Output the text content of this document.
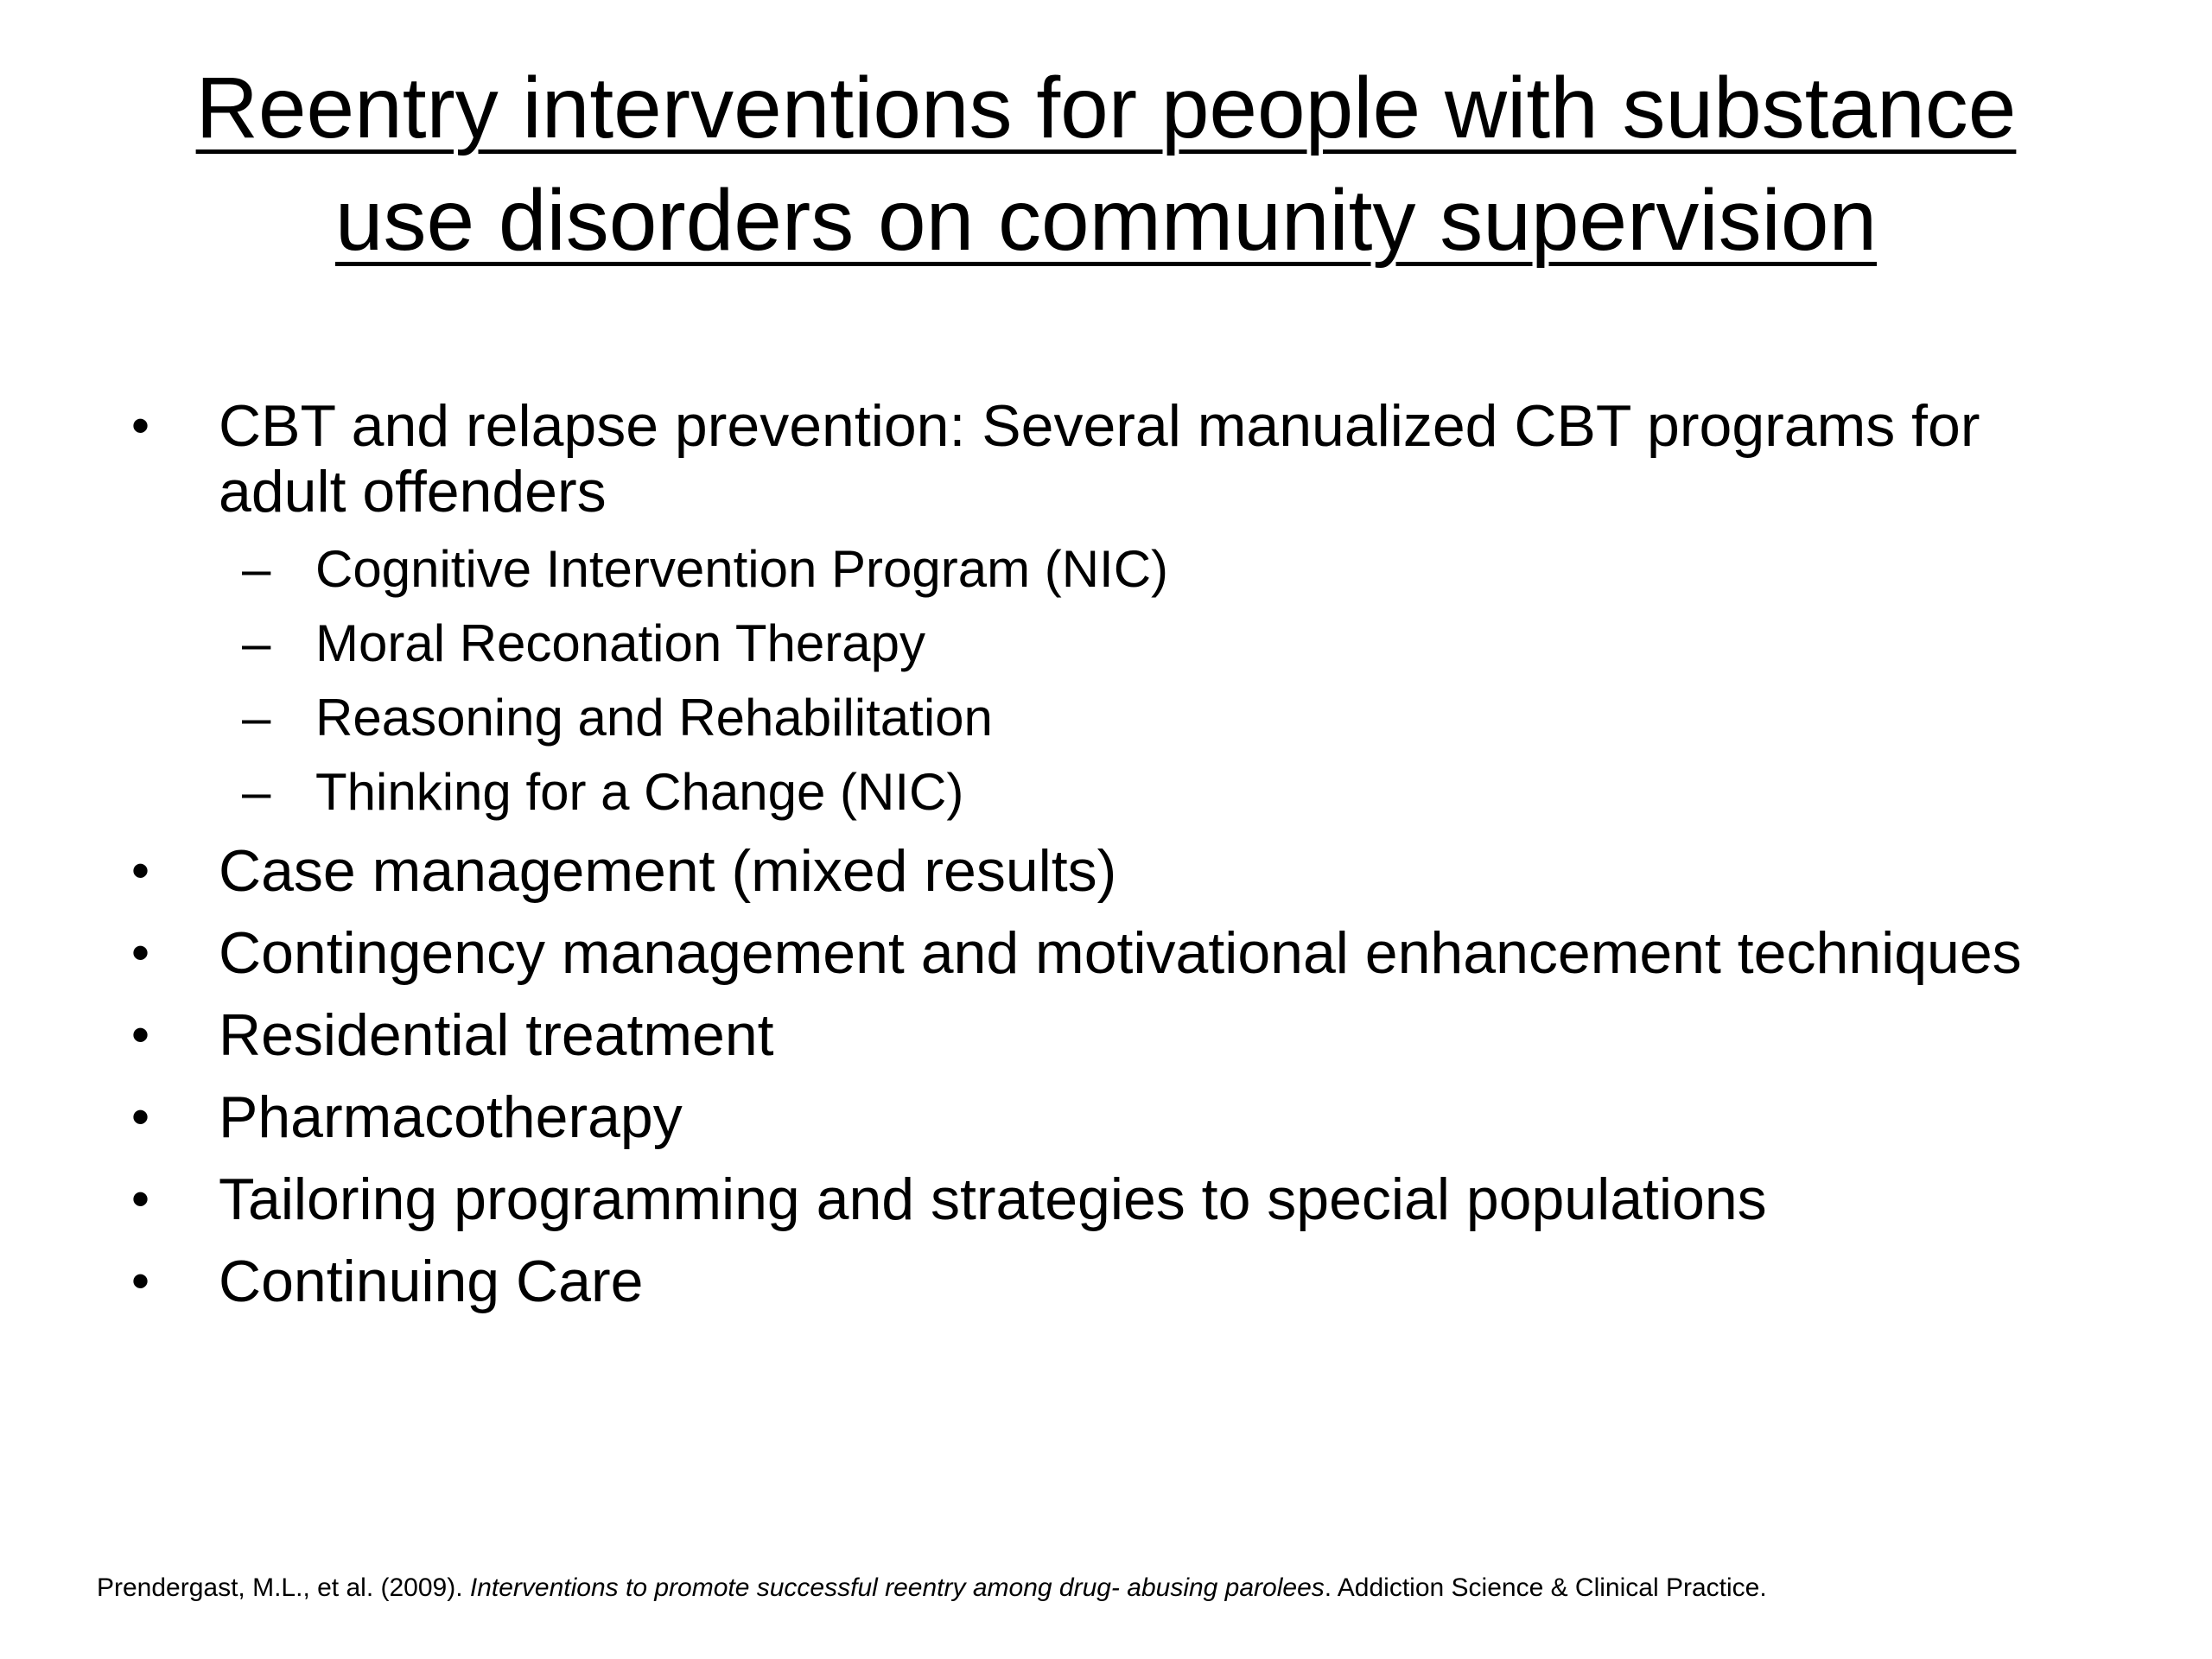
Reentry interventions for people with substance use disorders on community supervision
• CBT and relapse prevention: Several manualized CBT programs for adult offenders
– Cognitive Intervention Program (NIC)
– Moral Reconation Therapy
– Reasoning and Rehabilitation
– Thinking for a Change (NIC)
• Case management (mixed results)
• Contingency management and motivational enhancement techniques
• Residential treatment
• Pharmacotherapy
• Tailoring programming and strategies to special populations
• Continuing Care
Prendergast, M.L., et al. (2009). Interventions to promote successful reentry among drug- abusing parolees. Addiction Science & Clinical Practice.
